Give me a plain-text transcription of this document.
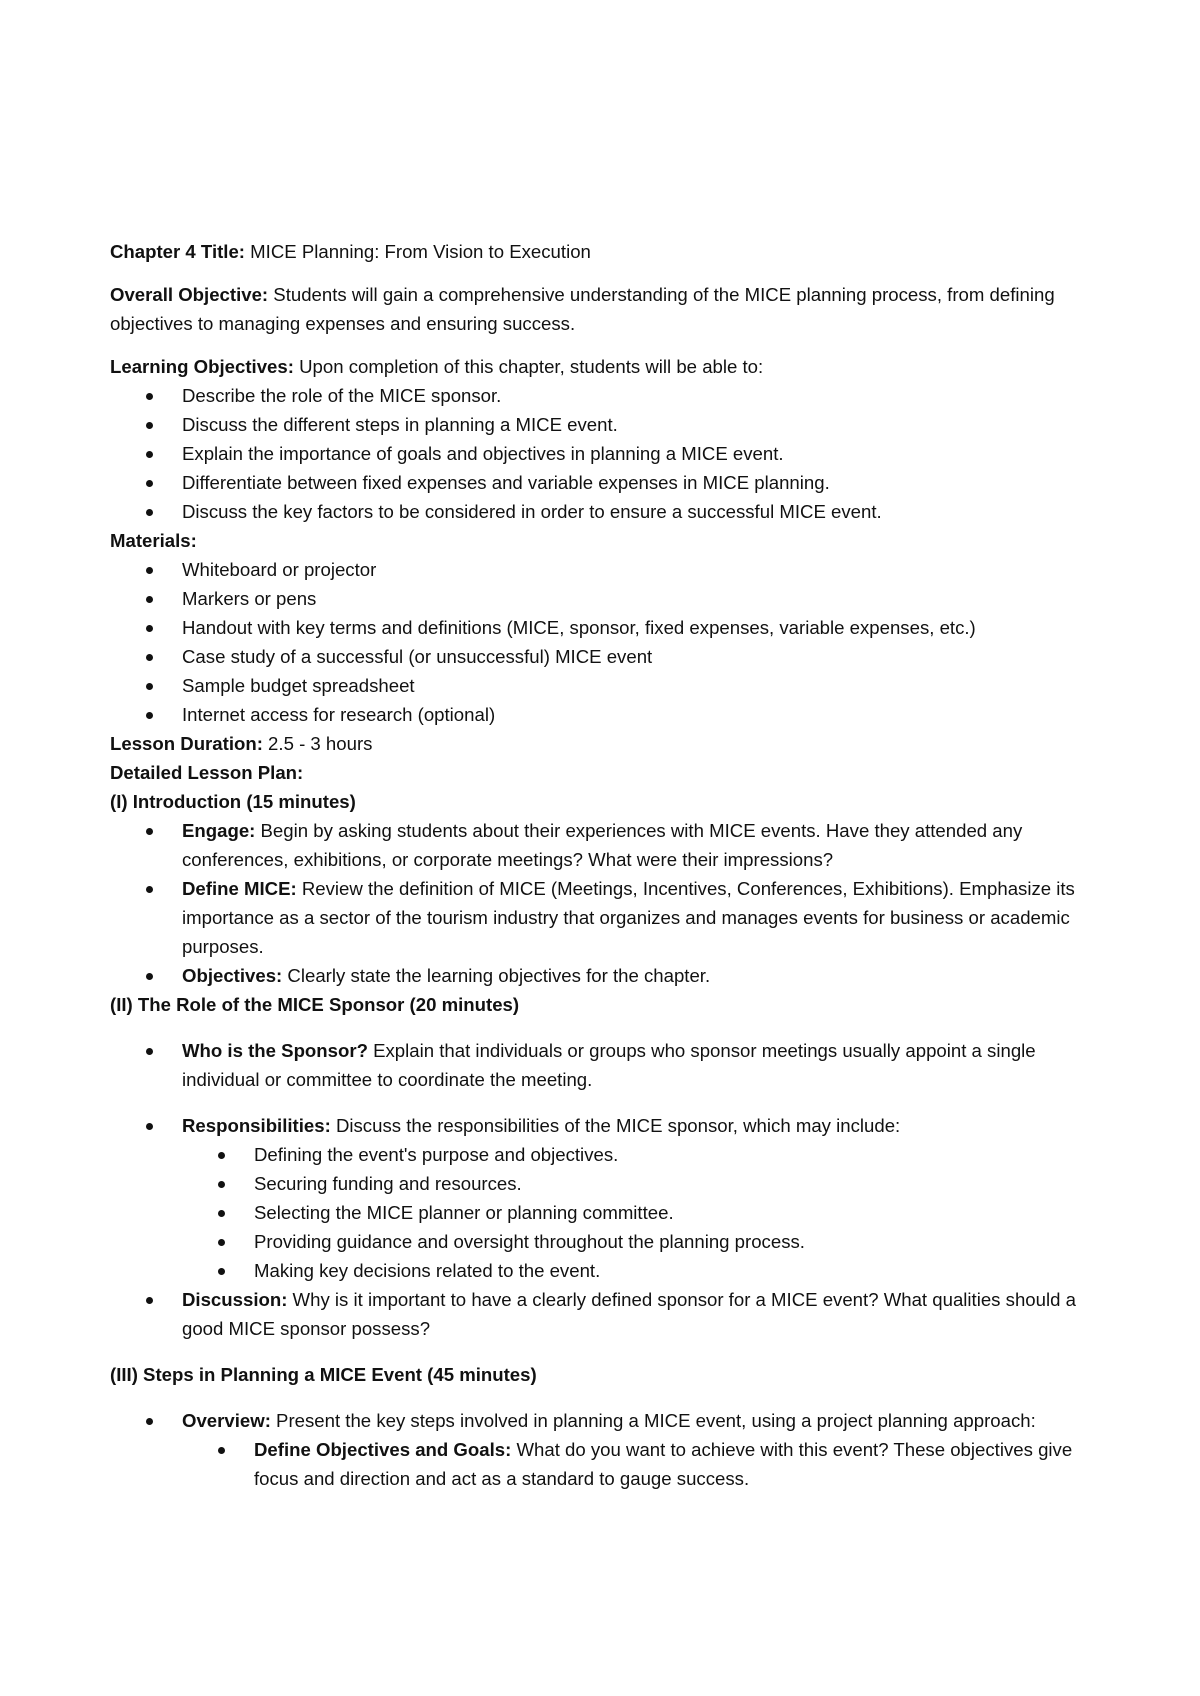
Chapter 4 Title: MICE Planning: From Vision to Execution

Overall Objective: Students will gain a comprehensive understanding of the MICE planning process, from defining objectives to managing expenses and ensuring success.

Learning Objectives: Upon completion of this chapter, students will be able to:

Describe the role of the MICE sponsor.
Discuss the different steps in planning a MICE event.
Explain the importance of goals and objectives in planning a MICE event.
Differentiate between fixed expenses and variable expenses in MICE planning.
Discuss the key factors to be considered in order to ensure a successful MICE event.

Materials:

Whiteboard or projector
Markers or pens
Handout with key terms and definitions (MICE, sponsor, fixed expenses, variable expenses, etc.)
Case study of a successful (or unsuccessful) MICE event
Sample budget spreadsheet
Internet access for research (optional)

Lesson Duration: 2.5 - 3 hours

Detailed Lesson Plan:

(I) Introduction (15 minutes)

Engage: Begin by asking students about their experiences with MICE events. Have they attended any conferences, exhibitions, or corporate meetings? What were their impressions?
Define MICE: Review the definition of MICE (Meetings, Incentives, Conferences, Exhibitions). Emphasize its importance as a sector of the tourism industry that organizes and manages events for business or academic purposes.
Objectives: Clearly state the learning objectives for the chapter.

(II) The Role of the MICE Sponsor (20 minutes)

Who is the Sponsor? Explain that individuals or groups who sponsor meetings usually appoint a single individual or committee to coordinate the meeting.
Responsibilities: Discuss the responsibilities of the MICE sponsor, which may include:
Defining the event's purpose and objectives.
Securing funding and resources.
Selecting the MICE planner or planning committee.
Providing guidance and oversight throughout the planning process.
Making key decisions related to the event.
Discussion: Why is it important to have a clearly defined sponsor for a MICE event? What qualities should a good MICE sponsor possess?

(III) Steps in Planning a MICE Event (45 minutes)

Overview: Present the key steps involved in planning a MICE event, using a project planning approach:
Define Objectives and Goals: What do you want to achieve with this event? These objectives give focus and direction and act as a standard to gauge success.
